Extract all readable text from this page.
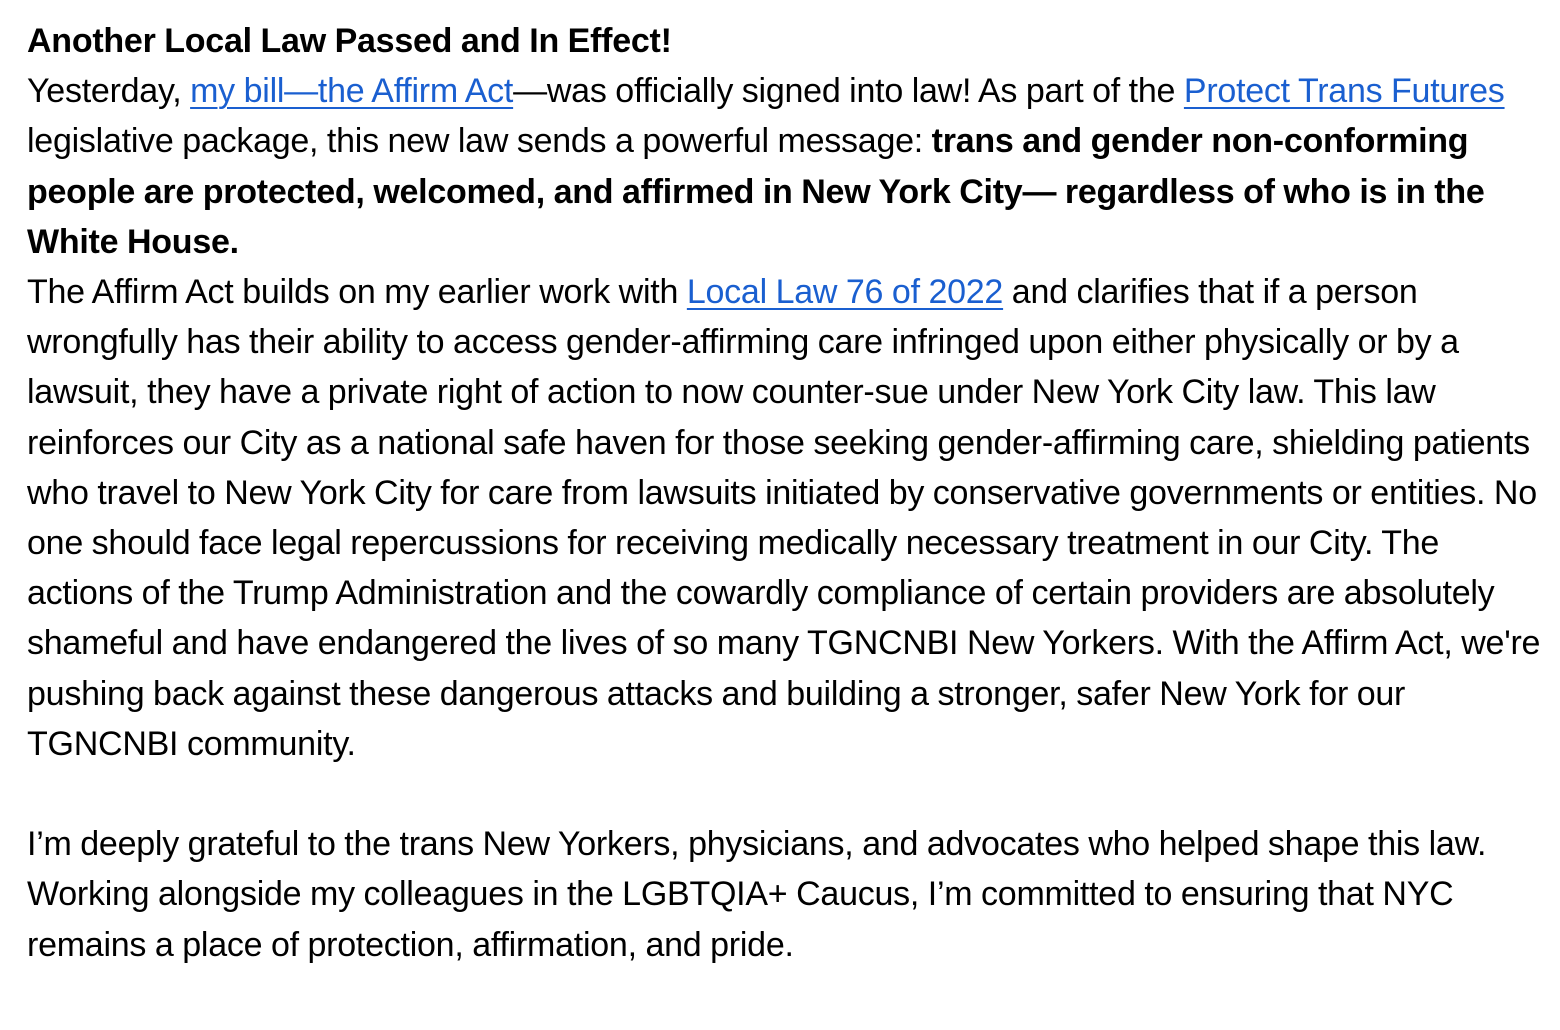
Another Local Law Passed and In Effect!

Yesterday, my bill—the Affirm Act—was officially signed into law! As part of the Protect Trans Futures legislative package, this new law sends a powerful message: trans and gender non-conforming people are protected, welcomed, and affirmed in New York City— regardless of who is in the White House.

The Affirm Act builds on my earlier work with Local Law 76 of 2022 and clarifies that if a person wrongfully has their ability to access gender-affirming care infringed upon either physically or by a lawsuit, they have a private right of action to now counter-sue under New York City law. This law reinforces our City as a national safe haven for those seeking gender-affirming care, shielding patients who travel to New York City for care from lawsuits initiated by conservative governments or entities. No one should face legal repercussions for receiving medically necessary treatment in our City. The actions of the Trump Administration and the cowardly compliance of certain providers are absolutely shameful and have endangered the lives of so many TGNCNBI New Yorkers. With the Affirm Act, we're pushing back against these dangerous attacks and building a stronger, safer New York for our TGNCNBI community.

I’m deeply grateful to the trans New Yorkers, physicians, and advocates who helped shape this law. Working alongside my colleagues in the LGBTQIA+ Caucus, I’m committed to ensuring that NYC remains a place of protection, affirmation, and pride.
